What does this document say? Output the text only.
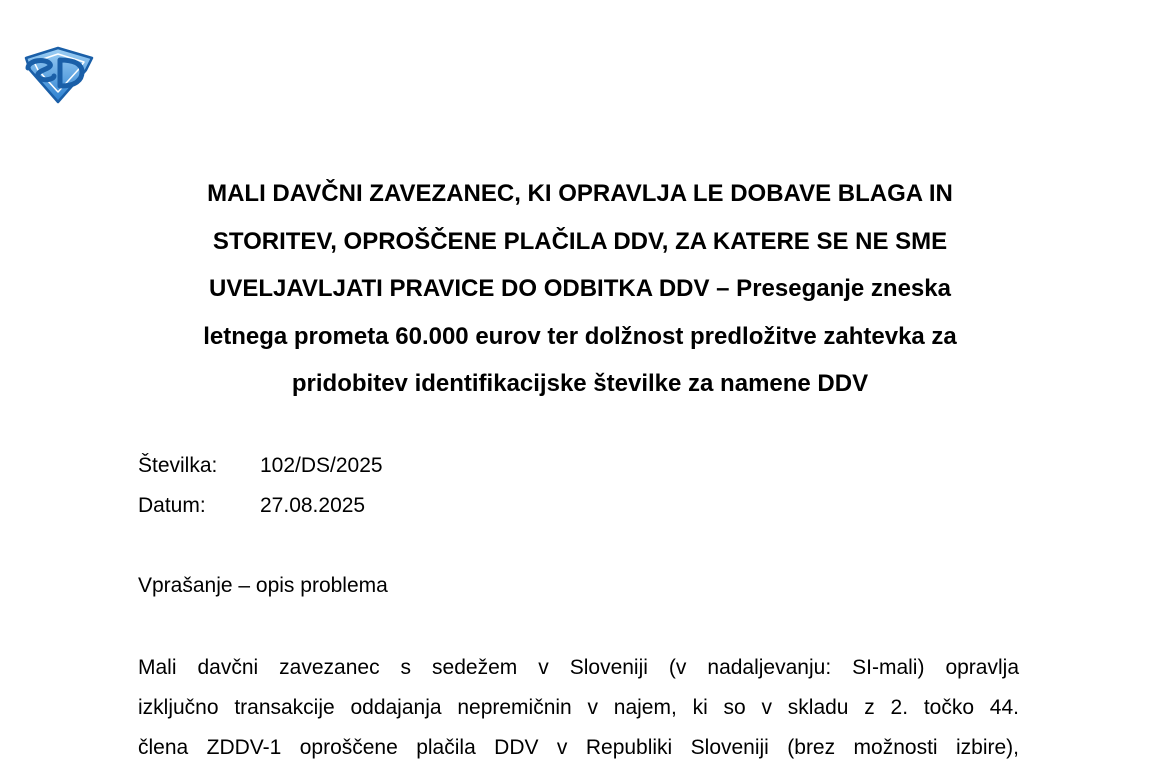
MALI DAVČNI ZAVEZANEC, KI OPRAVLJA LE DOBAVE BLAGA IN
STORITEV, OPROŠČENE PLAČILA DDV, ZA KATERE SE NE SME
UVELJAVLJATI PRAVICE DO ODBITKA DDV – Preseganje zneska
letnega prometa 60.000 eurov ter dolžnost predložitve zahtevka za
pridobitev identifikacijske številke za namene DDV
Številka: 102/DS/2025
Datum:	27.08.2025
Vprašanje – opis problema
Mali davčni zavezanec s sedežem v Sloveniji (v nadaljevanju: SI-mali) opravlja
izključno transakcije oddajanja nepremičnin v najem, ki so v skladu z 2. točko 44.
člena ZDDV-1 oproščene plačila DDV v Republiki Sloveniji (brez možnosti izbire),
